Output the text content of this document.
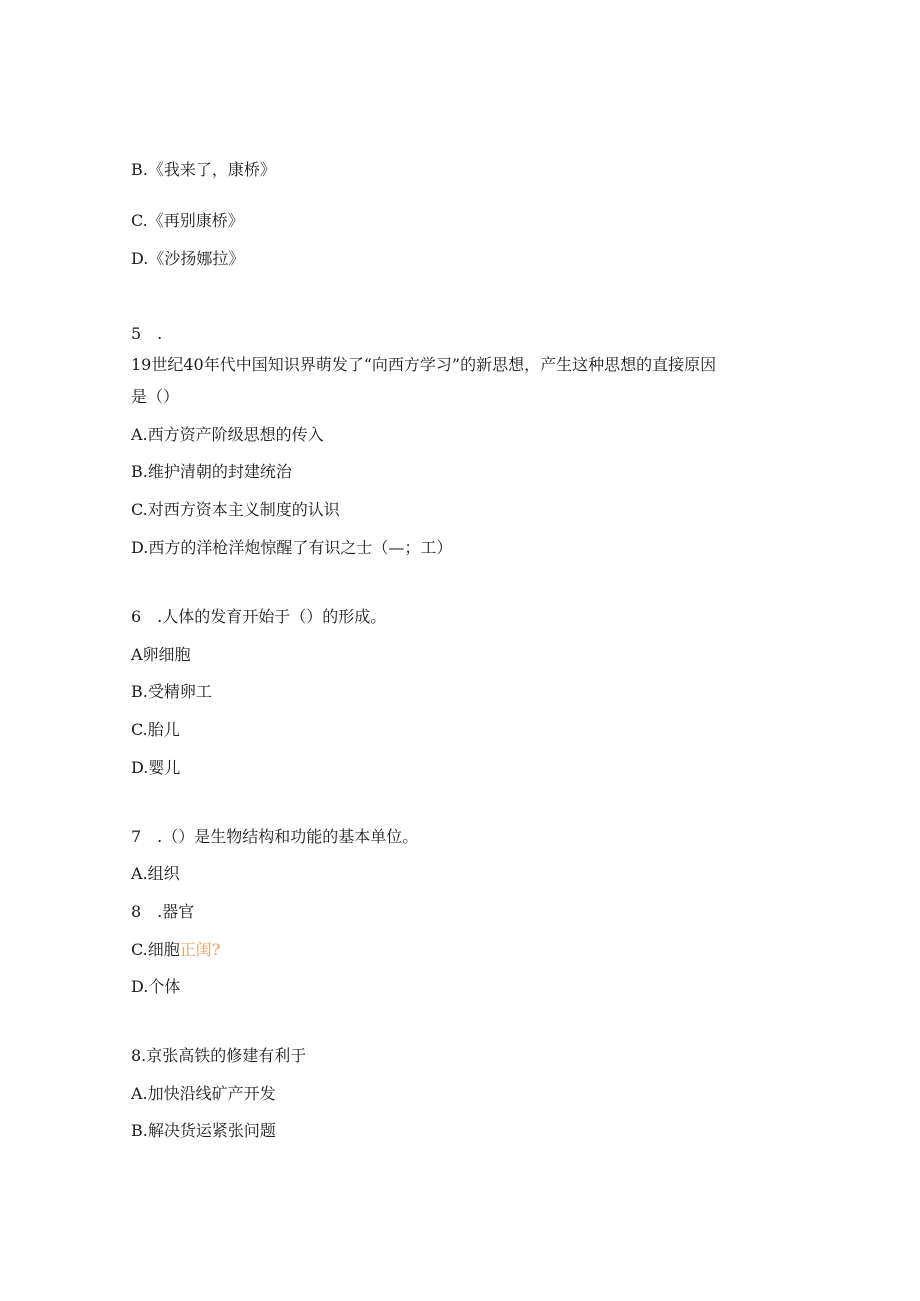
B.《我来了，康桥》
C.《再别康桥》
D.《沙扬娜拉》
5　.
19世纪40年代中国知识界萌发了“向西方学习”的新思想，产生这种思想的直接原因
是（）
A.西方资产阶级思想的传入
B.维护清朝的封建统治
C.对西方资本主义制度的认识
D.西方的洋枪洋炮惊醒了有识之士（—；工）
6　.人体的发育开始于（）的形成。
A卵细胞
B.受精卵工
C.胎儿
D.婴儿
7　.（）是生物结构和功能的基本单位。
A.组织
8　.器官
C.细胞正闺?
D.个体
8.京张高铁的修建有利于
A.加快沿线矿产开发
B.解决货运紧张问题
